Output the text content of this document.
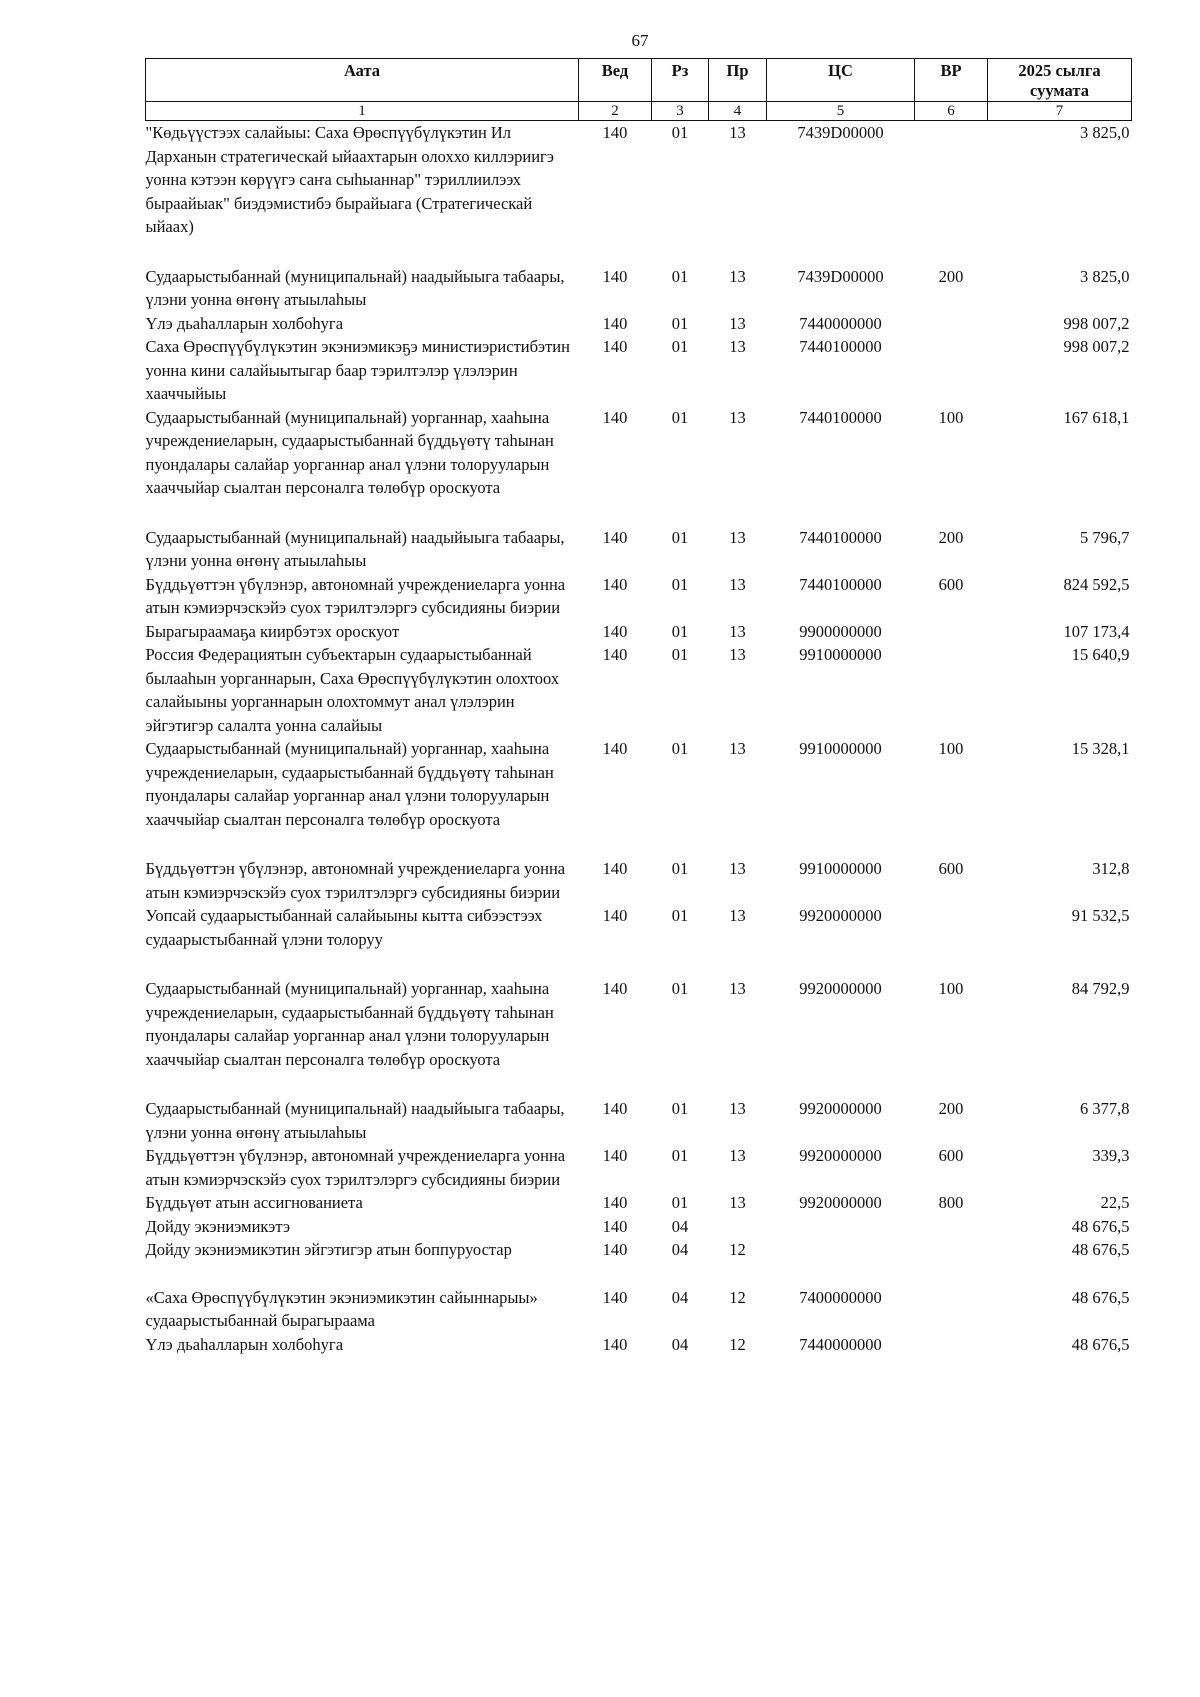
67
Аата	Вед	Рз	Пр	ЦС	ВР	2025 сылга суумата
1	2	3	4	5	6	7
"Көдьүүстээх салайыы: Саха Өрөспүүбүлүкэтин Ил Дарханын стратегическай ыйаахтарын олоххо киллэриигэ уонна кэтээн көрүүгэ саҥа сыһыаннар" тэриллиилээх быраайыак" биэдэмистибэ бырайыага (Стратегическай ыйаах)	140	01	13	7439D00000		3 825,0
Судаарыстыбаннай (муниципальнай) наадыйыыга табаары, үлэни уонна өҥөнү атыылаһыы	140	01	13	7439D00000	200	3 825,0
Үлэ дьаһалларын холбоһуга	140	01	13	7440000000		998 007,2
Саха Өрөспүүбүлүкэтин экэниэмикэҕэ министиэристибэтин уонна кини салайыытыгар баар тэрилтэлэр үлэлэрин хааччыйыы	140	01	13	7440100000		998 007,2
Судаарыстыбаннай (муниципальнай) уорганнар, хааһына учреждениеларын, судаарыстыбаннай бүддьүөтү таһынан пуондалары салайар уорганнар анал үлэни толорууларын хааччыйар сыалтан персоналга төлөбүр ороскуота	140	01	13	7440100000	100	167 618,1
Судаарыстыбаннай (муниципальнай) наадыйыыга табаары, үлэни уонна өҥөнү атыылаһыы	140	01	13	7440100000	200	5 796,7
Бүддьүөттэн үбүлэнэр, автономнай учреждениеларга уонна атын кэмиэрчэскэйэ суох тэрилтэлэргэ субсидияны биэрии	140	01	13	7440100000	600	824 592,5
Бырагыраамаҕа киирбэтэх ороскуот	140	01	13	9900000000		107 173,4
Россия Федерациятын субъектарын судаарыстыбаннай былааһын уорганнарын, Саха Өрөспүүбүлүкэтин олохтоох салайыыны уорганнарын олохтоммут анал үлэлэрин эйгэтигэр салалта уонна салайыы	140	01	13	9910000000		15 640,9
Судаарыстыбаннай (муниципальнай) уорганнар, хааһына учреждениеларын, судаарыстыбаннай бүддьүөтү таһынан пуондалары салайар уорганнар анал үлэни толорууларын хааччыйар сыалтан персоналга төлөбүр ороскуота	140	01	13	9910000000	100	15 328,1
Бүддьүөттэн үбүлэнэр, автономнай учреждениеларга уонна атын кэмиэрчэскэйэ суох тэрилтэлэргэ субсидияны биэрии	140	01	13	9910000000	600	312,8
Уопсай судаарыстыбаннай салайыыны кытта сибээстээх судаарыстыбаннай үлэни толоруу	140	01	13	9920000000		91 532,5
Судаарыстыбаннай (муниципальнай) уорганнар, хааһына учреждениеларын, судаарыстыбаннай бүддьүөтү таһынан пуондалары салайар уорганнар анал үлэни толорууларын хааччыйар сыалтан персоналга төлөбүр ороскуота	140	01	13	9920000000	100	84 792,9
Судаарыстыбаннай (муниципальнай) наадыйыыга табаары, үлэни уонна өҥөнү атыылаһыы	140	01	13	9920000000	200	6 377,8
Бүддьүөттэн үбүлэнэр, автономнай учреждениеларга уонна атын кэмиэрчэскэйэ суох тэрилтэлэргэ субсидияны биэрии	140	01	13	9920000000	600	339,3
Бүддьүөт атын ассигнованиета	140	01	13	9920000000	800	22,5
Дойду экэниэмикэтэ	140	04				48 676,5
Дойду экэниэмикэтин эйгэтигэр атын боппуруостар	140	04	12			48 676,5
«Саха Өрөспүүбүлүкэтин экэниэмикэтин сайыннарыы» судаарыстыбаннай бырагыраама	140	04	12	7400000000		48 676,5
Үлэ дьаһалларын холбоһуга	140	04	12	7440000000		48 676,5
